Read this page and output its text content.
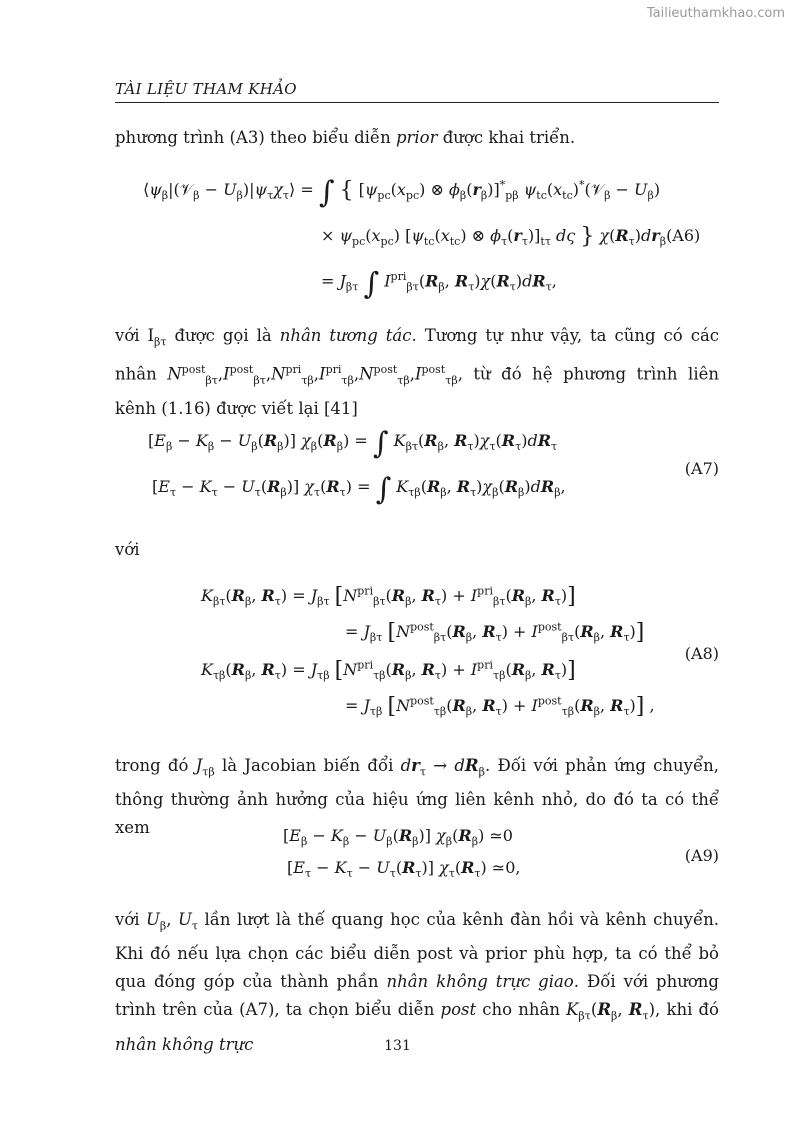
Tailieuthamkhao.com
TÀI LIỆU THAM KHẢO
phương trình (A3) theo biểu diễn prior được khai triển.
$⟨\psi_\beta|(𝒱_\beta$ − $U_\beta)|\psi_\tau\chi_\tau⟩$ = ∫ { [$\psi_{pc}(x_{pc})$ ⊗ $\phi_\beta(r_\beta)]^*_{p\beta}$ $\psi_{tc}(x_{tc})^*(𝒱_\beta - U_\beta)$
× $\psi_{pc}(x_{pc})$ [$\psi_{tc}(x_{tc})$ ⊗ $\phi_\tau(r_\tau)]_{t\tau}$ dς } $\chi(R_\tau)dr_\beta(A6)$
= $J_{\beta\tau}$ ∫ $I^{pri}_{\beta\tau}(R_\beta$, $R_\tau)\chi(R_\tau)dR_\tau$,
với $I_{\beta\tau}$ được gọi là nhân tương tác. Tương tự như vậy, ta cũng có các nhân $N^{post}_{\beta\tau},I^{post}_{\beta\tau},N^{pri}_{\tau\beta},I^{pri}_{\tau\beta},N^{post}_{\tau\beta},I^{post}_{\tau\beta}$, từ đó hệ phương trình liên kênh (1.16) được viết lại [41]
$[E_\beta - K_\beta - U_\beta(R_\beta)] \chi_\beta(R_\beta)$ = ∫ $K_{\beta\tau}(R_\beta$, $R_\tau)\chi_\tau(R_\tau)dR_\tau$
(A7)
$[E_\tau - K_\tau - U_\tau(R_\beta)] \chi_\tau(R_\tau)$ = ∫ $K_{\tau\beta}(R_\beta$, $R_\tau)\chi_\beta(R_\beta)dR_\beta$,
với
$K_{\beta\tau}(R_\beta$, $R_\tau) = J_{\beta\tau}$ [$N^{pri}_{\beta\tau}(R_\beta$, $R_\tau) + I^{pri}_{\beta\tau}(R_\beta$, $R_\tau$)]
= $J_{\beta\tau}$ [$N^{post}_{\beta\tau}(R_\beta$, $R_\tau) + I^{post}_{\beta\tau}(R_\beta$, $R_\tau$)]
(A8)
$K_{\tau\beta}(R_\beta$, $R_\tau) = J_{\tau\beta}$ [$N^{pri}_{\tau\beta}(R_\beta$, $R_\tau) + I^{pri}_{\tau\beta}(R_\beta$, $R_\tau$)]
= $J_{\tau\beta}$ [$N^{post}_{\tau\beta}(R_\beta$, $R_\tau) + I^{post}_{\tau\beta}(R_\beta$, $R_\tau$)] ,
trong đó $J_{\tau\beta}$ là Jacobian biến đổi $dr_\tau \to dR_\beta$. Đối với phản ứng chuyển, thông thường ảnh hưởng của hiệu ứng liên kênh nhỏ, do đó ta có thể xem	$[E_\beta - K_\beta - U_\beta(R_\beta)]$ $\chi_\beta(R_\beta)$ ≃0
(A9)
$[E_\tau - K_\tau - U_\tau(R_\tau)]$ $\chi_\tau(R_\tau)$ ≃0,
với $U_\beta$, $U_\tau$ lần lượt là thế quang học của kênh đàn hồi và kênh chuyển. Khi đó nếu lựa chọn các biểu diễn post và prior phù hợp, ta có thể bỏ qua đóng góp của thành phần nhân không trực giao. Đối với phương trình trên của (A7), ta chọn biểu diễn post cho nhân $K_{\beta\tau}(R_\beta$, $R_\tau$), khi đó nhân không trực	131
